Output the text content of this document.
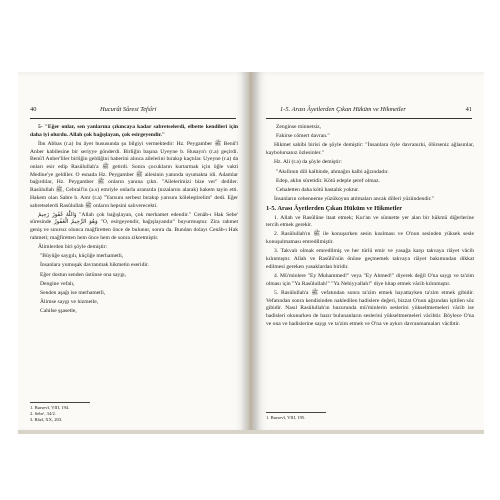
40	Hucurât Sûresi Tefsîri

5- "Eğer onlar, sen yanlarına çıkıncaya kadar sabretselerdi, elbette kendileri için daha iyi olurdu. Allah çok bağışlayan, çok esirgeyendir."

İbn Abbas (r.a) bu âyet hususunda şu bilgiyi vermektedir: Hz. Peygamber ﷺ Benû'l Anber kabilesine bir seriyye gönderdi. Birliğin başına Uyeyne b. Husayn'ı (r.a) geçirdi. Benû'l Anber'liler birliğin geldiğini haberini alınca ailelerini bırakıp kaçtılar. Uyeyne (r.a) da onları esir edip Rasûlullah'a ﷺ getirdi. Sonra çocukların kurtarmak için öğle vakti Medine'ye geldiler. O esnada Hz. Peygamber ﷺ ailesinin yanında uyumakta idi. Adamlar bağırdılar, Hz. Peygamber ﷺ onların yanına çıktı. "Ailelerimizi bize ver" dediler. Rasûlullah ﷺ, Cebrail'in (a.s) emriyle onlarla aranızda (nızalarını alarak) hakem tayin etti. Hakem olan Sabre b. Amr (r.a) "Yarısını serbest bırakıp yarısını köleleştirelim" dedi. Eğer sabretselerdi Rasûlullah ﷺ onların hepsini salıverecekti.

وَاللّٰهُ غَفُورٌ رَحِيمٌ "Allah çok bağışlayan, çok merhamet edendir." Cenâb-ı Hak Sebe' sûresinde وَهُوَ الرَّحِيمُ الْغَفُورُ "O, esirgeyendir, bağışlayandır" buyurmuştur. Zira rahmet geniş ve sınırsız olunca mağfiretten önce de bulunur, sonra da. Bundan dolayı Cenâb-ı Hak rahmeti; mağfiretten hem önce hem de sonra zikretmiştir.

Âlimlerden biri şöyle demiştir:

"Büyüğe saygılı, küçüğe merhametli,

İnsanlara yumuşak davranmak hikmetin eseridir.

Eğer dostun senden üstünse ona saygı,

Dengine vefalı,

Senden aşağı ise merhametli,

Âlimse saygı ve hizmetle,

Cahilse şşasetle,

1. Bursevî, VIII, 194.
2. Sebe', 34/2.
3. Râzî, XX, 203.
1-5. Arası Âyetlerden Çıkan Hüküm ve Hikmetler	41

Zenginse minnetsiz,

Fakirse cömert davran."

Hikmet sahibi birisi de şöyle demiştir: "İnsanlara öyle davranırki, ölürseniz ağlasınlar, kaybolursanız özlesinler."

Hz. Ali (r.a) da şöyle demiştir:

"Akıllının dili kalbinde, ahmağın kalbi ağzındadır.

Edep, aklın sûretidir. Kötü edeple şeref olmaz.

Cehaletten daha kötü hastalık yoktur.

İnsanların cehenneme yüzükoyun atılmaları ancak dilleri yüzündendir."

1-5. Arası Âyetlerden Çıkan Hüküm ve Hikmetler

1. Allah ve Rasûlüne itaat etmek; Kur'an ve sünnette yer alan bir hükmü diğerlerine tercih etmek gerekir.

2. Rasûlullah'ın ﷺ ile konuşurken sesin kısılması ve O'nun sesinden yüksek sesle konuşulmaması emredilmiştir.

3. Takvalı olmak emredilmiş ve her türlü emir ve yasağa karşı takvaya riâyet vâcib kılınmıştır. Allah ve Rasûlü'nün önüne geçmemek takvaya riâyet bakımından dikkat edilmesi gereken yasaklardan biridir.

4. Mü'minlere "Ey Muhammed!" veya "Ey Ahmed!" diyerek değil O'na saygı ve ta'zim olması için "Ya Rasûlullah!" "Ya Nebiyyallah!" diye hitap etmek vâcib kılınmıştır.

5. Rasûlullah'a ﷺ vefatından sonra ta'zim etmek hayattayken ta'zim etmek gibidir. Vefatından sonra kendisinden nakledilen hadislere değeri, bizzat O'nun ağzından işitilen söz gibidir. Nasıl Rasûlullah'ın huzurunda mü'minlerin seslerini yükseltmemeleri vâcib ise hadisleri okunurken de hazır bulunanların seslerini yükseltmemeleri vâcibtir. Böylece O'na ve ona ve hadislerine saygı ve ta'zim etmek ve O'na ve aykırı davranmamaları vâcibtir.

1. Bursevî, VIII, 195.
